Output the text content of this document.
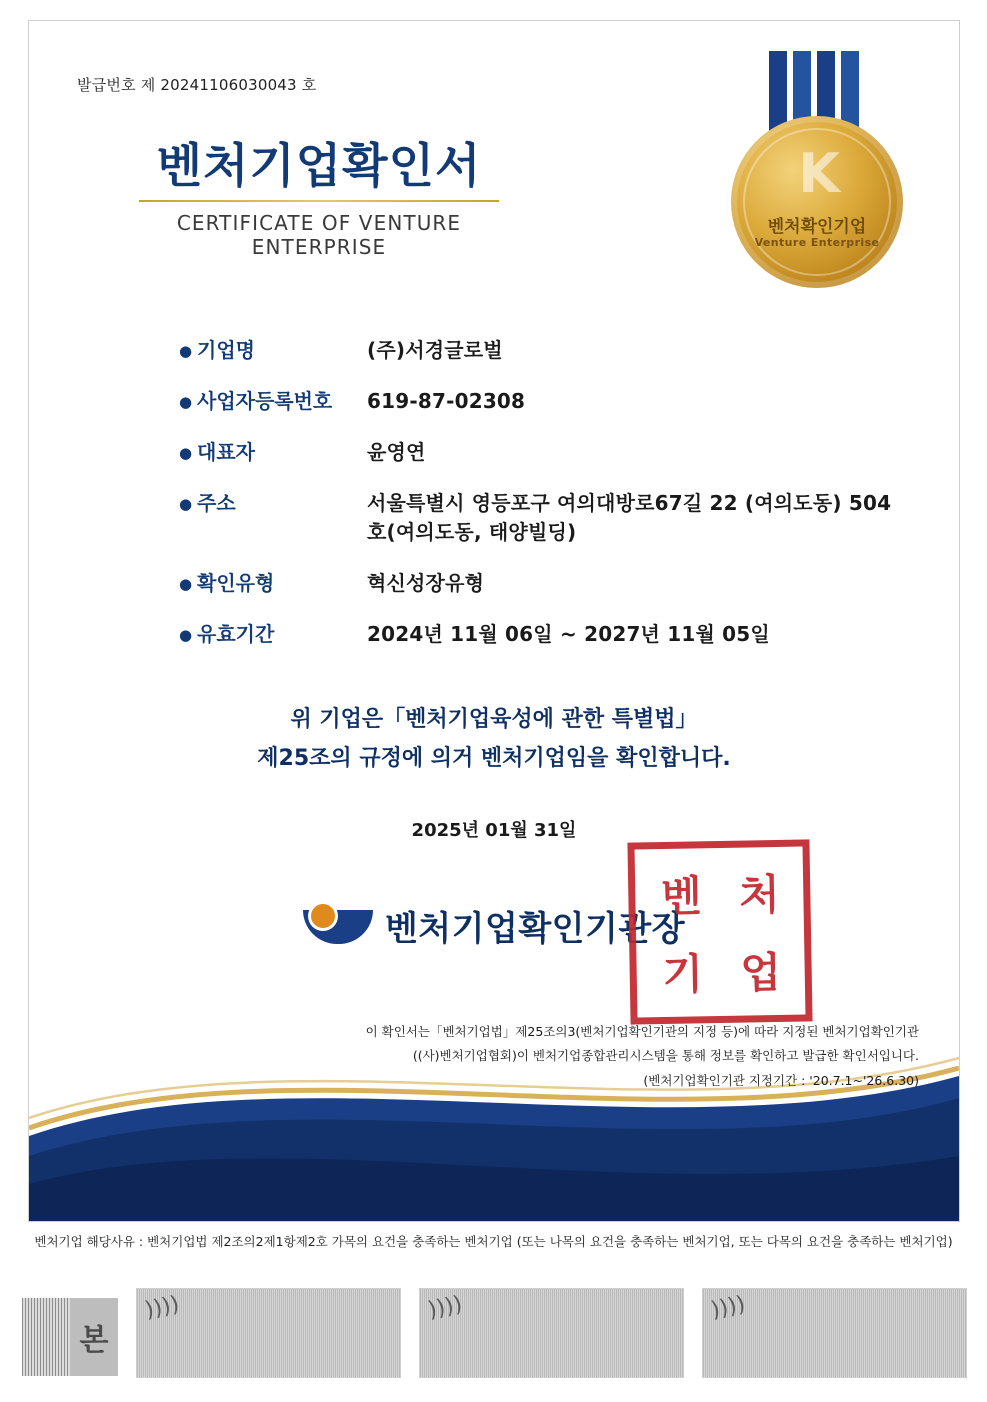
발급번호 제 20241106030043 호
벤처기업확인서
CERTIFICATE OF VENTURE ENTERPRISE
K
벤처확인기업
Venture Enterprise
● 기업명	(주)서경글로벌
● 사업자등록번호	619-87-02308
● 대표자	윤영연
● 주소	서울특별시 영등포구 여의대방로67길 22 (여의도동) 504호(여의도동, 태양빌딩)
● 확인유형	혁신성장유형
● 유효기간	2024년 11월 06일 ~ 2027년 11월 05일
위 기업은「벤처기업육성에 관한 특별법」
제25조의 규정에 의거 벤처기업임을 확인합니다.
2025년 01월 31일
벤처기업확인기관장
벤 처
기 업
이 확인서는「벤처기업법」제25조의3(벤처기업확인기관의 지정 등)에 따라 지정된 벤처기업확인기관
((사)벤처기업협회)이 벤처기업종합관리시스템을 통해 정보를 확인하고 발급한 확인서입니다.
(벤처기업확인기관 지정기간 : '20.7.1~'26.6.30)
벤처기업 해당사유 : 벤처기업법 제2조의2제1항제2호 가목의 요건을 충족하는 벤처기업 (또는 나목의 요건을 충족하는 벤처기업, 또는 다목의 요건을 충족하는 벤처기업)
본
))))	))))	))))
